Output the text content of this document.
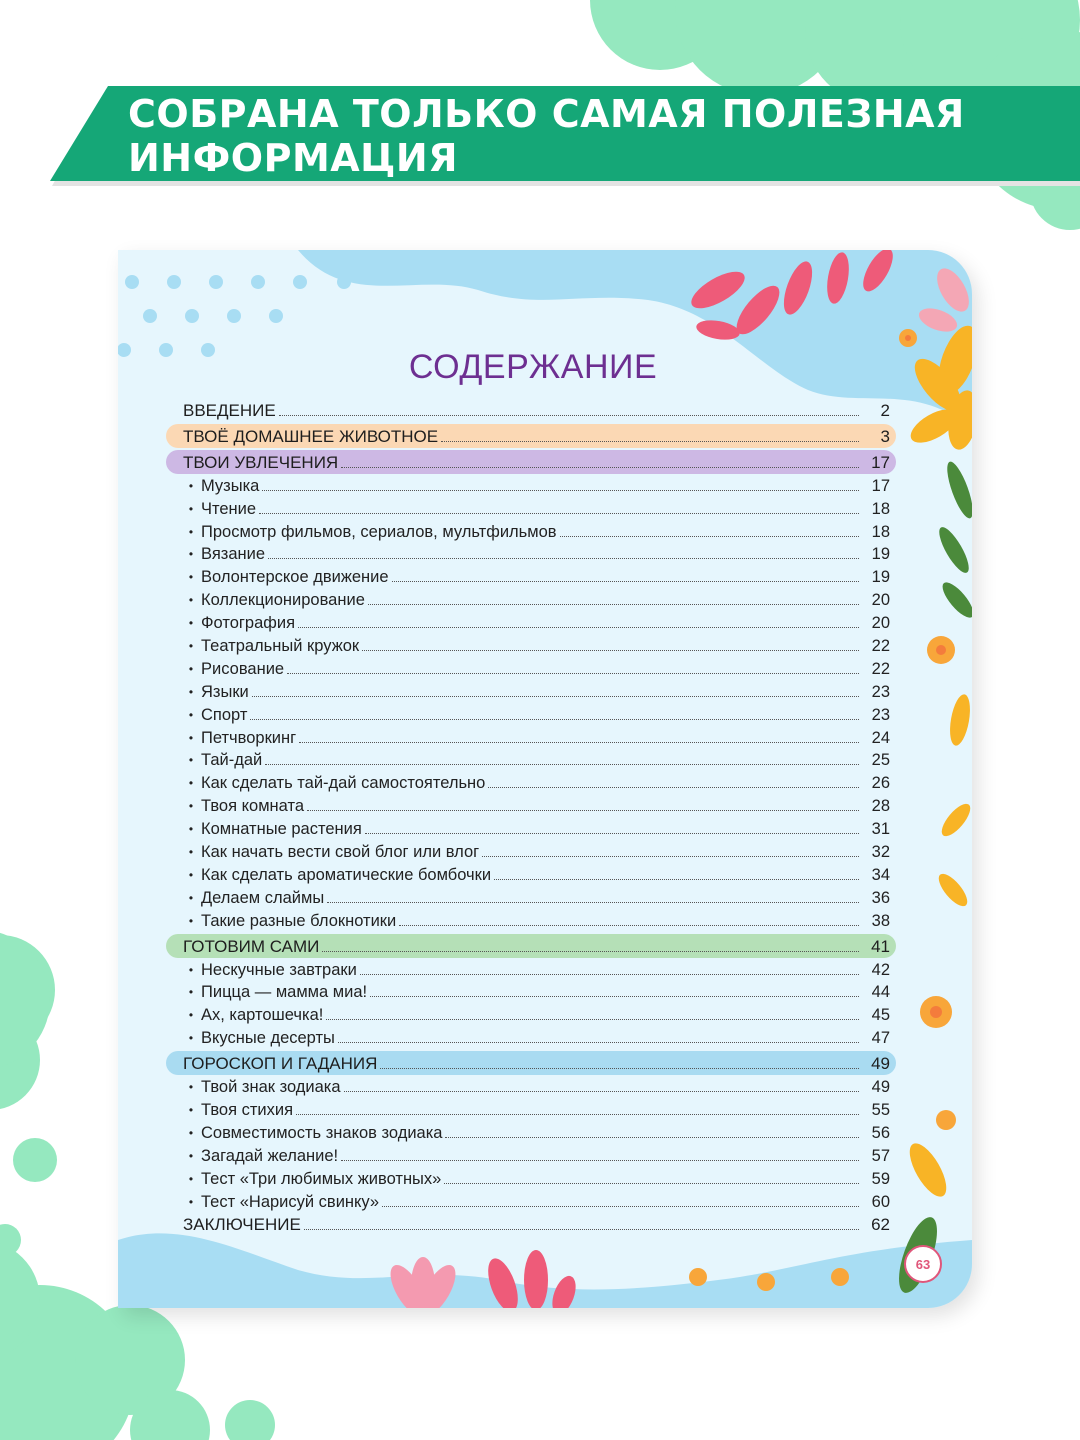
СОБРАНА ТОЛЬКО САМАЯ ПОЛЕЗНАЯ ИНФОРМАЦИЯ
СОДЕРЖАНИЕ
ВВЕДЕНИЕ	2
ТВОЁ ДОМАШНЕЕ ЖИВОТНОЕ	3
ТВОИ УВЛЕЧЕНИЯ	17
• Музыка	17
• Чтение	18
• Просмотр фильмов, сериалов, мультфильмов	18
• Вязание	19
• Волонтерское движение	19
• Коллекционирование	20
• Фотография	20
• Театральный кружок	22
• Рисование	22
• Языки	23
• Спорт	23
• Петчворкинг	24
• Тай-дай	25
• Как сделать тай-дай самостоятельно	26
• Твоя комната	28
• Комнатные растения	31
• Как начать вести свой блог или влог	32
• Как сделать ароматические бомбочки	34
• Делаем слаймы	36
• Такие разные блокнотики	38
ГОТОВИМ САМИ	41
• Нескучные завтраки	42
• Пицца — мамма миа!	44
• Ах, картошечка!	45
• Вкусные десерты	47
ГОРОСКОП И ГАДАНИЯ	49
• Твой знак зодиака	49
• Твоя стихия	55
• Совместимость знаков зодиака	56
• Загадай желание!	57
• Тест «Три любимых животных»	59
• Тест «Нарисуй свинку»	60
ЗАКЛЮЧЕНИЕ	62
63
